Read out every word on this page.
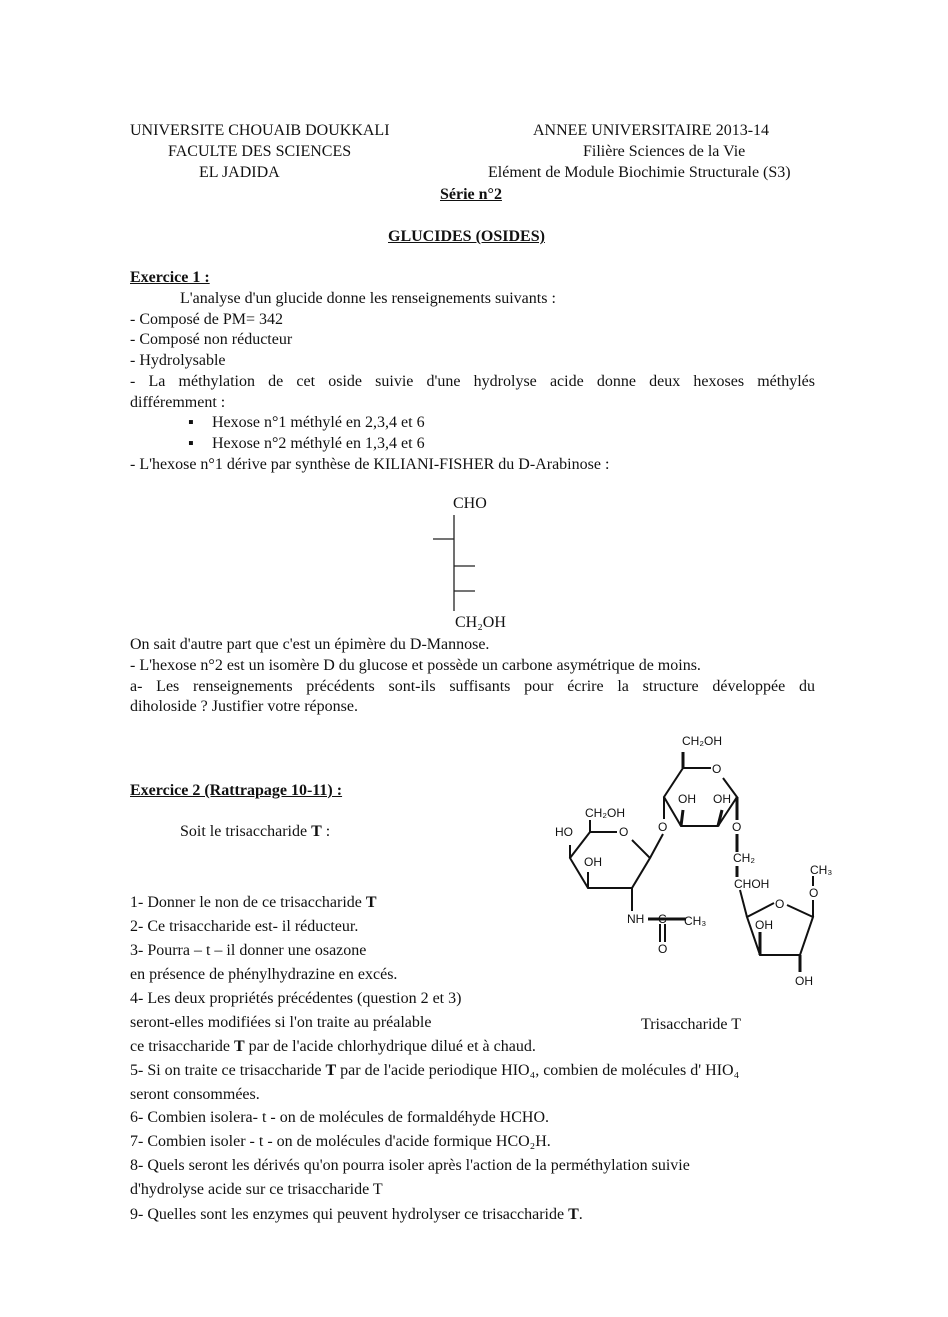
UNIVERSITE CHOUAIB DOUKKALI
FACULTE DES SCIENCES
EL JADIDA
ANNEE UNIVERSITAIRE 2013-14
Filière Sciences de la Vie
Elément de Module Biochimie Structurale (S3)
Série n°2
GLUCIDES (OSIDES)
Exercice 1 :
L'analyse d'un glucide donne les renseignements suivants :
- Composé de PM= 342
- Composé non réducteur
- Hydrolysable
- La méthylation de cet oside suivie d'une hydrolyse acide donne deux hexoses méthylés
différemment :
▪ Hexose n°1 méthylé en 2,3,4 et 6
▪ Hexose n°2 méthylé en 1,3,4 et 6
- L'hexose n°1 dérive par synthèse de KILIANI-FISHER du D-Arabinose :
CHO
CH₂OH
CH₂OH
O
OH OH
O	O
CH₂OH
O
HO
OH
NH C CH₃
O
CH₂
CHOH
O
OH
OH
O
CH₃
On sait d'autre part que c'est un épimère du D-Mannose.
- L'hexose n°2 est un isomère D du glucose et possède un carbone asymétrique de moins.
a- Les renseignements précédents sont-ils suffisants pour écrire la structure développée du
diholoside ? Justifier votre réponse.
Exercice 2 (Rattrapage 10-11) :
Soit le trisaccharide T :
Trisaccharide T
1- Donner le non de ce trisaccharide T
2- Ce trisaccharide est- il réducteur.
3- Pourra – t – il donner une osazone
en présence de phénylhydrazine en excés.
4- Les deux propriétés précédentes (question 2 et 3)
seront-elles modifiées si l'on traite au préalable
ce trisaccharide T par de l'acide chlorhydrique dilué et à chaud.
5- Si on traite ce trisaccharide T par de l'acide periodique HIO₄, combien de molécules d' HIO₄
seront consommées.
6- Combien isolera- t - on de molécules de formaldéhyde HCHO.
7- Combien isoler - t - on de molécules d'acide formique HCO₂H.
8- Quels seront les dérivés qu'on pourra isoler après l'action de la perméthylation suivie
d'hydrolyse acide sur ce trisaccharide T
9- Quelles sont les enzymes qui peuvent hydrolyser ce trisaccharide T.
